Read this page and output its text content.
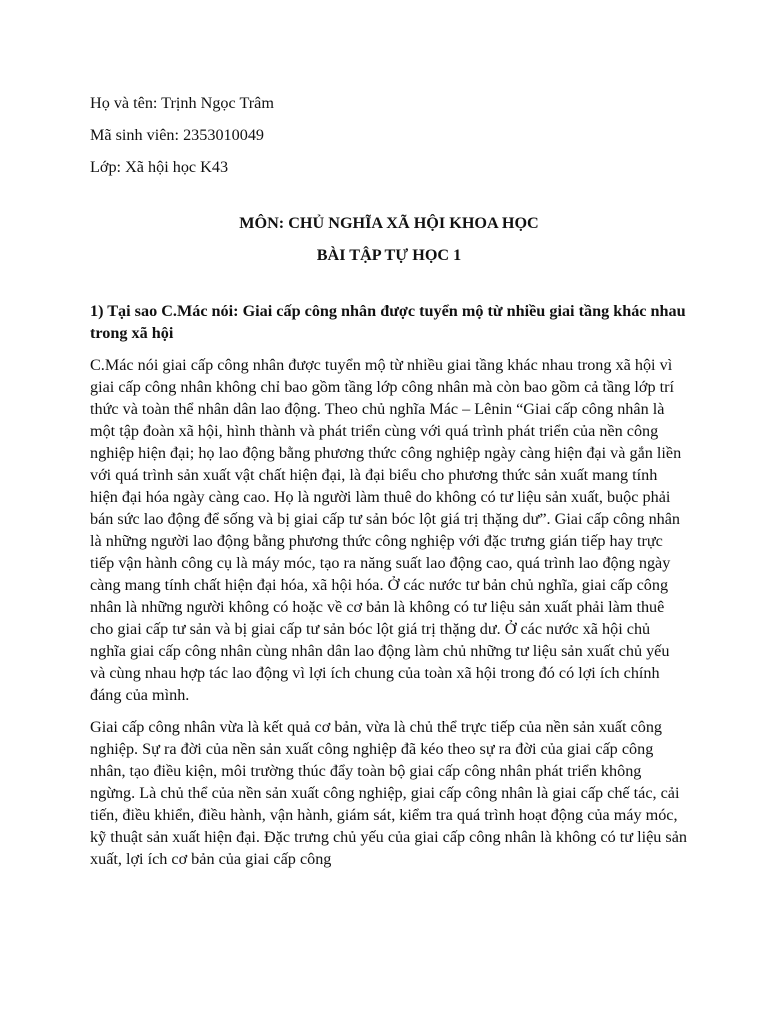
Họ và tên: Trịnh Ngọc Trâm
Mã sinh viên: 2353010049
Lớp: Xã hội học K43
MÔN: CHỦ NGHĨA XÃ HỘI KHOA HỌC
BÀI TẬP TỰ HỌC 1
1) Tại sao C.Mác nói: Giai cấp công nhân được tuyển mộ từ nhiều giai tầng khác nhau trong xã hội

C.Mác nói giai cấp công nhân được tuyển mộ từ nhiều giai tầng khác nhau trong xã hội vì giai cấp công nhân không chỉ bao gồm tầng lớp công nhân mà còn bao gồm cả tầng lớp trí thức và toàn thể nhân dân lao động. Theo chủ nghĩa Mác – Lênin “Giai cấp công nhân là một tập đoàn xã hội, hình thành và phát triển cùng với quá trình phát triển của nền công nghiệp hiện đại; họ lao động bằng phương thức công nghiệp ngày càng hiện đại và gắn liền với quá trình sản xuất vật chất hiện đại, là đại biểu cho phương thức sản xuất mang tính hiện đại hóa ngày càng cao. Họ là người làm thuê do không có tư liệu sản xuất, buộc phải bán sức lao động để sống và bị giai cấp tư sản bóc lột giá trị thặng dư”. Giai cấp công nhân là những người lao động bằng phương thức công nghiệp với đặc trưng gián tiếp hay trực tiếp vận hành công cụ là máy móc, tạo ra năng suất lao động cao, quá trình lao động ngày càng mang tính chất hiện đại hóa, xã hội hóa. Ở các nước tư bản chủ nghĩa, giai cấp công nhân là những người không có hoặc về cơ bản là không có tư liệu sản xuất phải làm thuê cho giai cấp tư sản và bị giai cấp tư sản bóc lột giá trị thặng dư. Ở các nước xã hội chủ nghĩa giai cấp công nhân cùng nhân dân lao động làm chủ những tư liệu sản xuất chủ yếu và cùng nhau hợp tác lao động vì lợi ích chung của toàn xã hội trong đó có lợi ích chính đáng của mình.

Giai cấp công nhân vừa là kết quả cơ bản, vừa là chủ thể trực tiếp của nền sản xuất công nghiệp. Sự ra đời của nền sản xuất công nghiệp đã kéo theo sự ra đời của giai cấp công nhân, tạo điều kiện, môi trường thúc đẩy toàn bộ giai cấp công nhân phát triển không ngừng. Là chủ thể của nền sản xuất công nghiệp, giai cấp công nhân là giai cấp chế tác, cải tiến, điều khiển, điều hành, vận hành, giám sát, kiểm tra quá trình hoạt động của máy móc, kỹ thuật sản xuất hiện đại. Đặc trưng chủ yếu của giai cấp công nhân là không có tư liệu sản xuất, lợi ích cơ bản của giai cấp công
